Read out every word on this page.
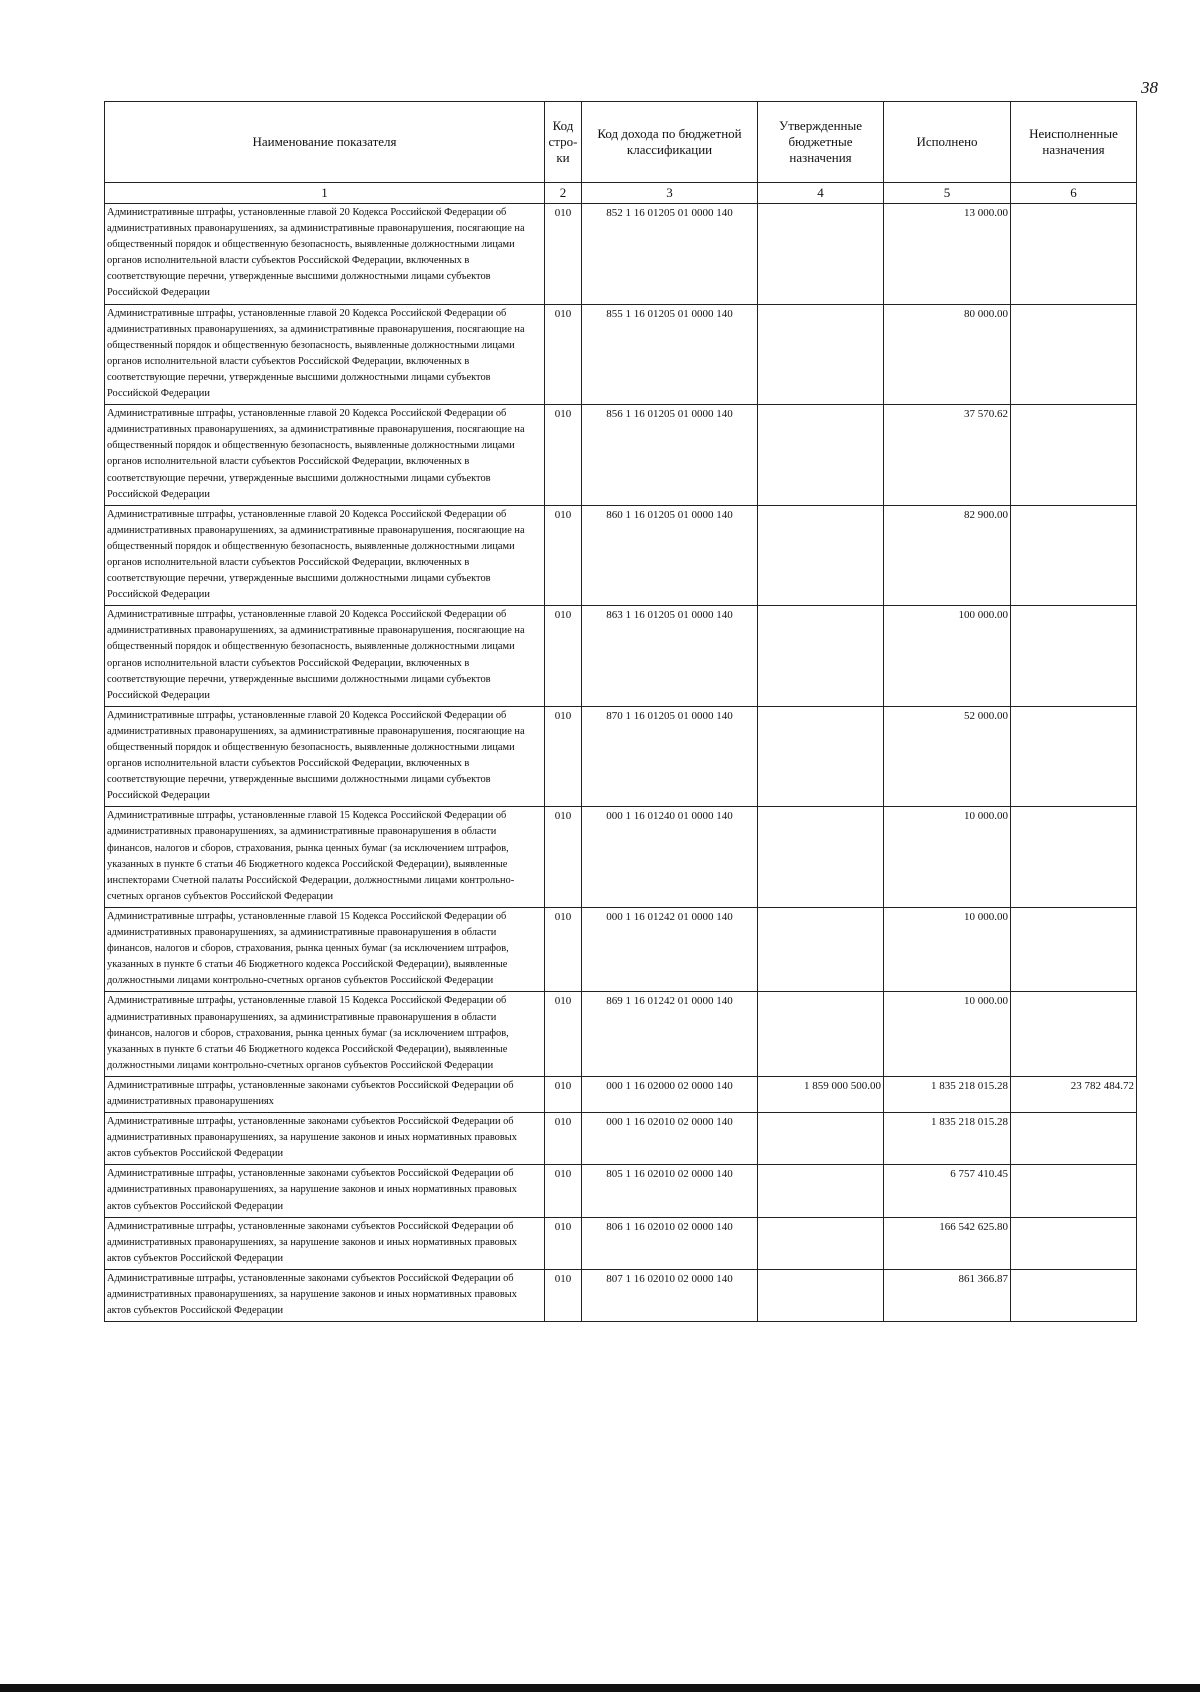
38
Наименование показателя	Код стро-ки	Код дохода по бюджетной классификации	Утвержденные бюджетные назначения	Исполнено	Неисполненные назначения
1	2	3	4	5	6
Административные штрафы, установленные главой 20 Кодекса Российской Федерации об административных правонарушениях, за административные правонарушения, посягающие на общественный порядок и общественную безопасность, выявленные должностными лицами органов исполнительной власти субъектов Российской Федерации, включенных в соответствующие перечни, утвержденные высшими должностными лицами субъектов Российской Федерации	010	852 1 16 01205 01 0000 140		13 000.00	
Административные штрафы, установленные главой 20 Кодекса Российской Федерации об административных правонарушениях, за административные правонарушения, посягающие на общественный порядок и общественную безопасность, выявленные должностными лицами органов исполнительной власти субъектов Российской Федерации, включенных в соответствующие перечни, утвержденные высшими должностными лицами субъектов Российской Федерации	010	855 1 16 01205 01 0000 140		80 000.00	
Административные штрафы, установленные главой 20 Кодекса Российской Федерации об административных правонарушениях, за административные правонарушения, посягающие на общественный порядок и общественную безопасность, выявленные должностными лицами органов исполнительной власти субъектов Российской Федерации, включенных в соответствующие перечни, утвержденные высшими должностными лицами субъектов Российской Федерации	010	856 1 16 01205 01 0000 140		37 570.62	
Административные штрафы, установленные главой 20 Кодекса Российской Федерации об административных правонарушениях, за административные правонарушения, посягающие на общественный порядок и общественную безопасность, выявленные должностными лицами органов исполнительной власти субъектов Российской Федерации, включенных в соответствующие перечни, утвержденные высшими должностными лицами субъектов Российской Федерации	010	860 1 16 01205 01 0000 140		82 900.00	
Административные штрафы, установленные главой 20 Кодекса Российской Федерации об административных правонарушениях, за административные правонарушения, посягающие на общественный порядок и общественную безопасность, выявленные должностными лицами органов исполнительной власти субъектов Российской Федерации, включенных в соответствующие перечни, утвержденные высшими должностными лицами субъектов Российской Федерации	010	863 1 16 01205 01 0000 140		100 000.00	
Административные штрафы, установленные главой 20 Кодекса Российской Федерации об административных правонарушениях, за административные правонарушения, посягающие на общественный порядок и общественную безопасность, выявленные должностными лицами органов исполнительной власти субъектов Российской Федерации, включенных в соответствующие перечни, утвержденные высшими должностными лицами субъектов Российской Федерации	010	870 1 16 01205 01 0000 140		52 000.00	
Административные штрафы, установленные главой 15 Кодекса Российской Федерации об административных правонарушениях, за административные правонарушения в области финансов, налогов и сборов, страхования, рынка ценных бумаг (за исключением штрафов, указанных в пункте 6 статьи 46 Бюджетного кодекса Российской Федерации), выявленные инспекторами Счетной палаты Российской Федерации, должностными лицами контрольно-счетных органов субъектов Российской Федерации	010	000 1 16 01240 01 0000 140		10 000.00	
Административные штрафы, установленные главой 15 Кодекса Российской Федерации об административных правонарушениях, за административные правонарушения в области финансов, налогов и сборов, страхования, рынка ценных бумаг (за исключением штрафов, указанных в пункте 6 статьи 46 Бюджетного кодекса Российской Федерации), выявленные должностными лицами контрольно-счетных органов субъектов Российской Федерации	010	000 1 16 01242 01 0000 140		10 000.00	
Административные штрафы, установленные главой 15 Кодекса Российской Федерации об административных правонарушениях, за административные правонарушения в области финансов, налогов и сборов, страхования, рынка ценных бумаг (за исключением штрафов, указанных в пункте 6 статьи 46 Бюджетного кодекса Российской Федерации), выявленные должностными лицами контрольно-счетных органов субъектов Российской Федерации	010	869 1 16 01242 01 0000 140		10 000.00	
Административные штрафы, установленные законами субъектов Российской Федерации об административных правонарушениях	010	000 1 16 02000 02 0000 140	1 859 000 500.00	1 835 218 015.28	23 782 484.72
Административные штрафы, установленные законами субъектов Российской Федерации об административных правонарушениях, за нарушение законов и иных нормативных правовых актов субъектов Российской Федерации	010	000 1 16 02010 02 0000 140		1 835 218 015.28	
Административные штрафы, установленные законами субъектов Российской Федерации об административных правонарушениях, за нарушение законов и иных нормативных правовых актов субъектов Российской Федерации	010	805 1 16 02010 02 0000 140		6 757 410.45	
Административные штрафы, установленные законами субъектов Российской Федерации об административных правонарушениях, за нарушение законов и иных нормативных правовых актов субъектов Российской Федерации	010	806 1 16 02010 02 0000 140		166 542 625.80	
Административные штрафы, установленные законами субъектов Российской Федерации об административных правонарушениях, за нарушение законов и иных нормативных правовых актов субъектов Российской Федерации	010	807 1 16 02010 02 0000 140		861 366.87	
